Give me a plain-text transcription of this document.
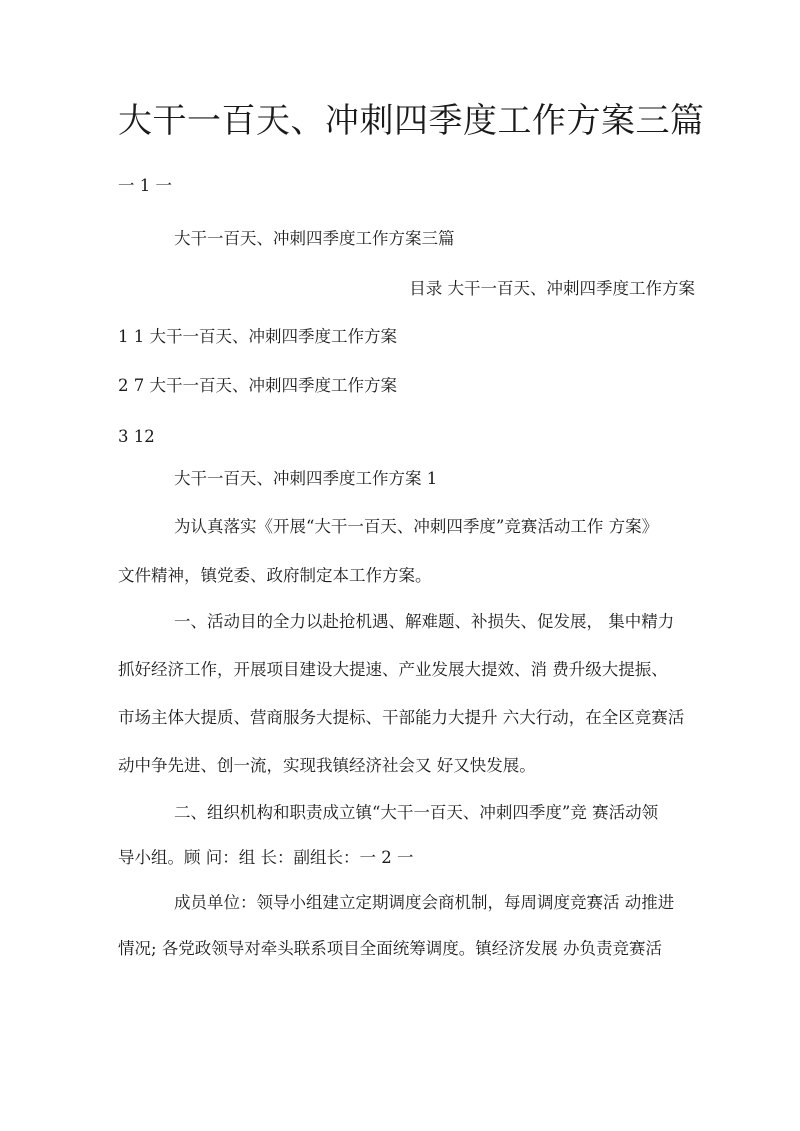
大干一百天、冲刺四季度工作方案三篇
一 1 一
大干一百天、冲刺四季度工作方案三篇
目录 大干一百天、冲刺四季度工作方案
1 1 大干一百天、冲刺四季度工作方案
2 7 大干一百天、冲刺四季度工作方案
3 12
大干一百天、冲刺四季度工作方案 1
为认真落实《开展“大干一百天、冲刺四季度”竞赛活动工作 方案》
文件精神，镇党委、政府制定本工作方案。
一、活动目的全力以赴抢机遇、解难题、补损失、促发展， 集中精力
抓好经济工作，开展项目建设大提速、产业发展大提效、消 费升级大提振、
市场主体大提质、营商服务大提标、干部能力大提升 六大行动，在全区竞赛活
动中争先进、创一流，实现我镇经济社会又 好又快发展。
二、组织机构和职责成立镇“大干一百天、冲刺四季度”竞 赛活动领
导小组。顾 问：组 长：副组长：一 2 一
成员单位：领导小组建立定期调度会商机制，每周调度竞赛活 动推进
情况; 各党政领导对牵头联系项目全面统筹调度。镇经济发展 办负责竞赛活
